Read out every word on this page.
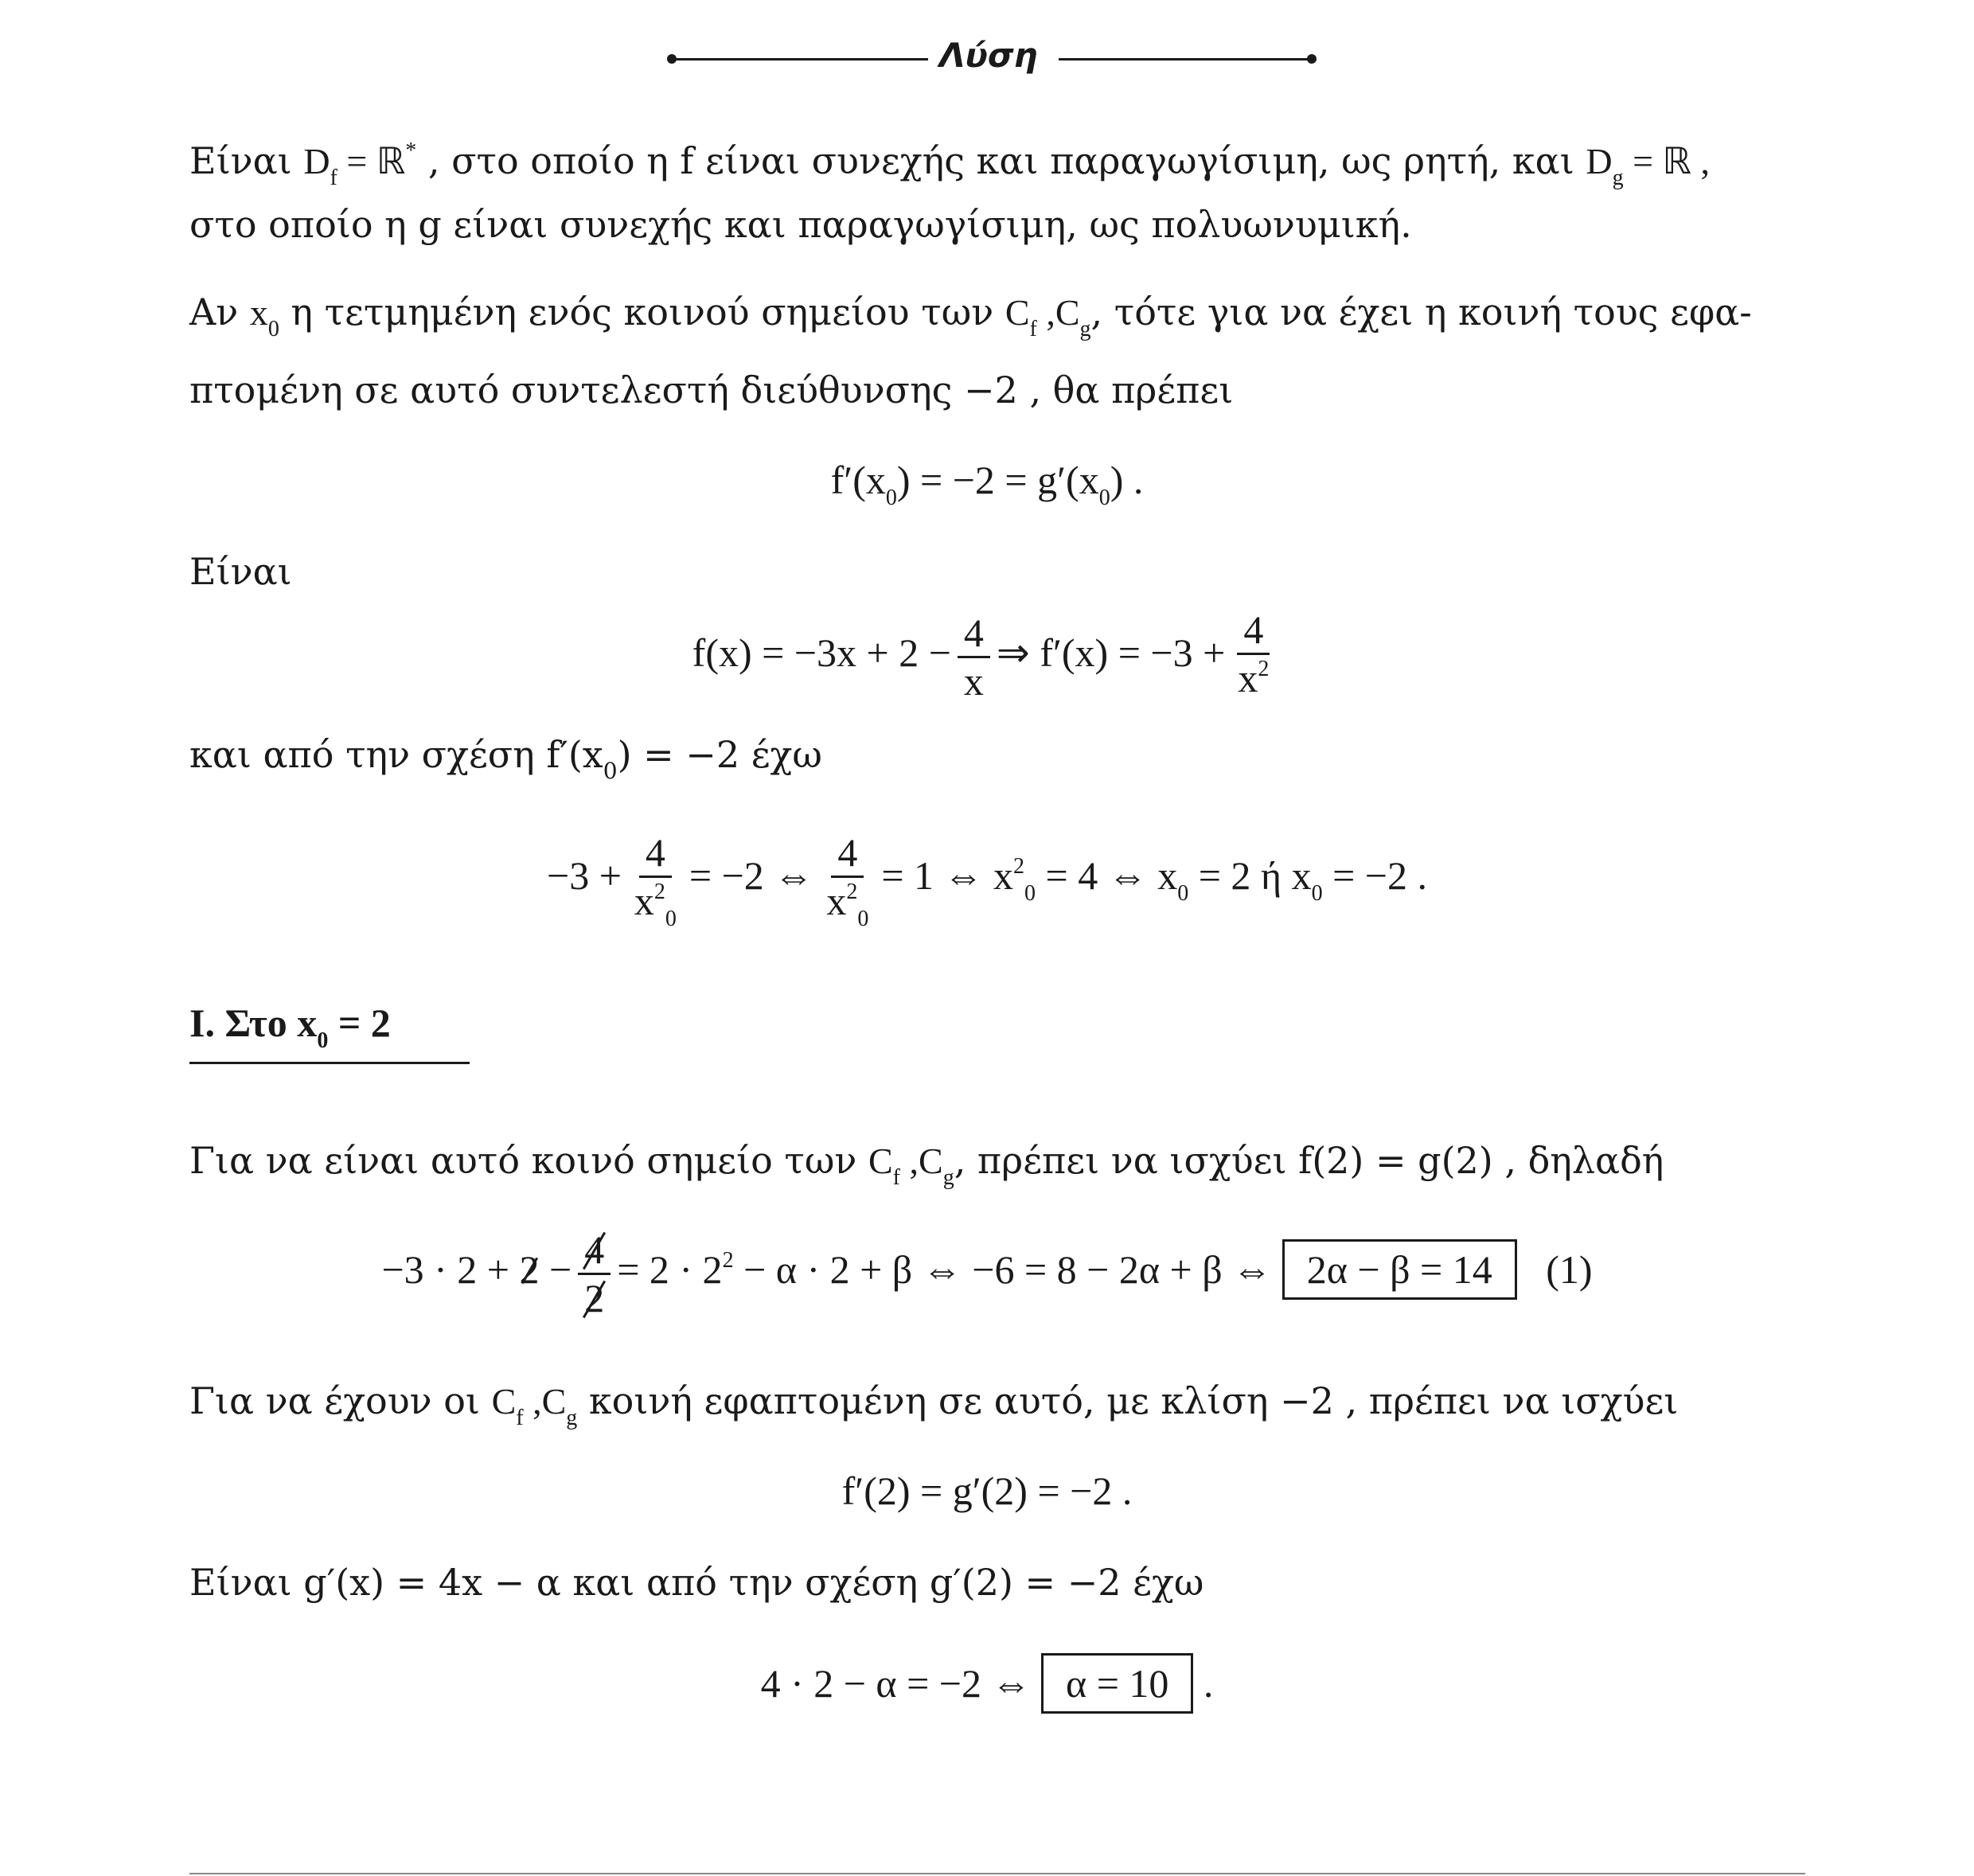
Λύση
Είναι $D_f$ = ℝ* , στο οποίο η f είναι συνεχής και παραγωγίσιμη, ως ρητή, και $D_g$ = ℝ ,
στο οποίο η g είναι συνεχής και παραγωγίσιμη, ως πολυωνυμική.
Αν $x_0$ η τετμημένη ενός κοινού σημείου των $C_f$ $,C_g$, τότε για να έχει η κοινή τους εφα-
πτομένη σε αυτό συντελεστή διεύθυνσης −2 , θα πρέπει
$f'(x_0) = -2 = g'(x_0)$ .
Είναι
$f(x) = -3x + 2 - \frac{4}{x}$ ⇒ $f'(x) = -3 + \frac{4}{x^2}$
και από την σχέση $f'(x_0) = -2$ έχω
$-3 + \frac{4}{x^2_0} = -2$ ⇔ $\frac{4}{x^2_0} = 1$ ⇔ $x^2_0 = 4$ ⇔ $x_0 = 2$ ή $x_0 = -2$ .
I. Στο $x_0 = 2$
Για να είναι αυτό κοινό σημείο των $C_f$ $,C_g$, πρέπει να ισχύει f(2) = g(2) , δηλαδή
$-3 \cdot 2 + 2 - \frac{4}{2} = 2 \cdot 2^2 - \alpha \cdot 2 + \beta$ ⇔ −6 = 8 − 2α + β ⇔ 2α − β = 14 (1)
Για να έχουν οι $C_f$ $,C_g$ κοινή εφαπτομένη σε αυτό, με κλίση −2 , πρέπει να ισχύει
f′(2) = g′(2) = −2 .
Είναι g′(x) = 4x − α και από την σχέση g′(2) = −2 έχω
4 · 2 − α = −2 ⇔ α = 10 .
